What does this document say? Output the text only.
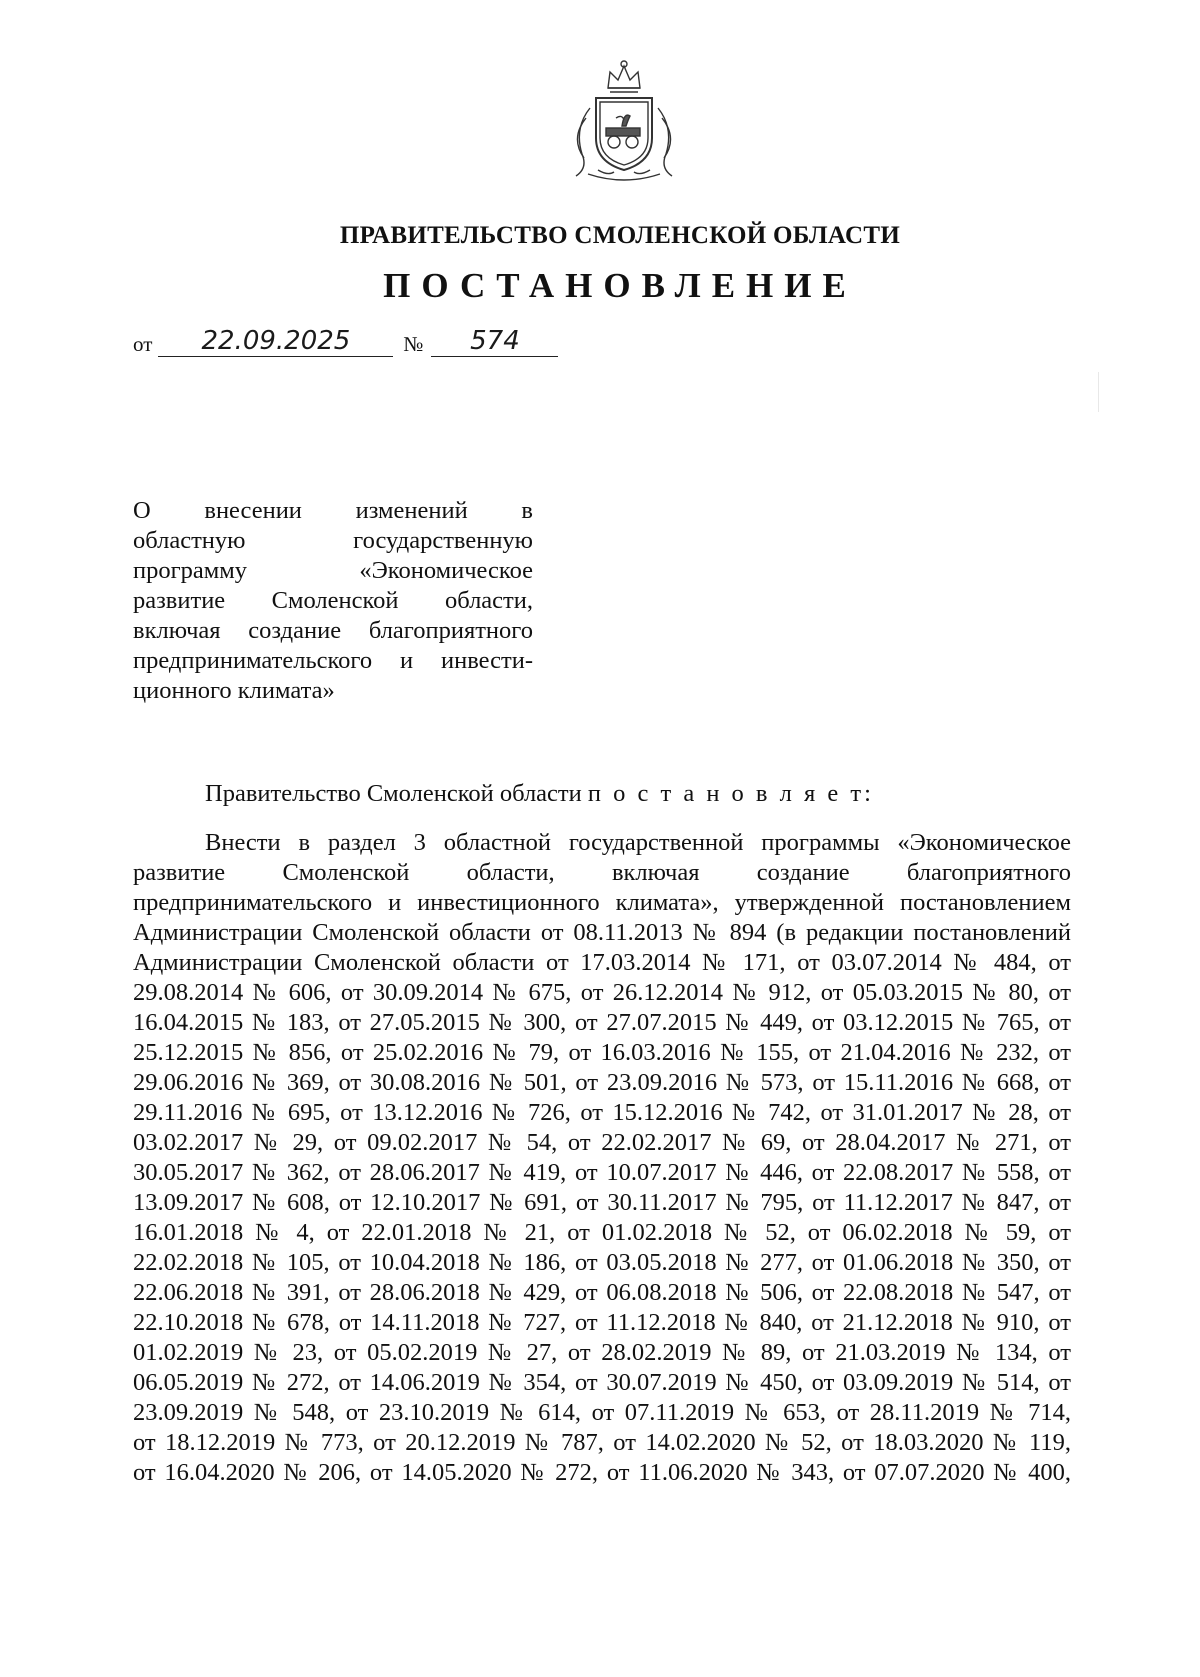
ПРАВИТЕЛЬСТВО СМОЛЕНСКОЙ ОБЛАСТИ
ПОСТАНОВЛЕНИЕ
от	22.09.2025	№	574
О внесении изменений в
областную государственную
программу «Экономическое
развитие Смоленской области,
включая создание благоприятного
предпринимательского и инвести-
ционного климата»
Правительство Смоленской области п о с т а н о в л я е т:
Внести в раздел 3 областной государственной программы «Экономическое
развитие Смоленской области, включая создание благоприятного
предпринимательского и инвестиционного климата», утвержденной постановлением
Администрации Смоленской области от 08.11.2013 № 894 (в редакции постановлений
Администрации Смоленской области от 17.03.2014 № 171, от 03.07.2014 № 484, от
29.08.2014 № 606, от 30.09.2014 № 675, от 26.12.2014 № 912, от 05.03.2015 № 80, от
16.04.2015 № 183, от 27.05.2015 № 300, от 27.07.2015 № 449, от 03.12.2015 № 765, от
25.12.2015 № 856, от 25.02.2016 № 79, от 16.03.2016 № 155, от 21.04.2016 № 232, от
29.06.2016 № 369, от 30.08.2016 № 501, от 23.09.2016 № 573, от 15.11.2016 № 668, от
29.11.2016 № 695, от 13.12.2016 № 726, от 15.12.2016 № 742, от 31.01.2017 № 28, от
03.02.2017 № 29, от 09.02.2017 № 54, от 22.02.2017 № 69, от 28.04.2017 № 271, от
30.05.2017 № 362, от 28.06.2017 № 419, от 10.07.2017 № 446, от 22.08.2017 № 558, от
13.09.2017 № 608, от 12.10.2017 № 691, от 30.11.2017 № 795, от 11.12.2017 № 847, от
16.01.2018 № 4, от 22.01.2018 № 21, от 01.02.2018 № 52, от 06.02.2018 № 59, от
22.02.2018 № 105, от 10.04.2018 № 186, от 03.05.2018 № 277, от 01.06.2018 № 350, от
22.06.2018 № 391, от 28.06.2018 № 429, от 06.08.2018 № 506, от 22.08.2018 № 547, от
22.10.2018 № 678, от 14.11.2018 № 727, от 11.12.2018 № 840, от 21.12.2018 № 910, от
01.02.2019 № 23, от 05.02.2019 № 27, от 28.02.2019 № 89, от 21.03.2019 № 134, от
06.05.2019 № 272, от 14.06.2019 № 354, от 30.07.2019 № 450, от 03.09.2019 № 514, от
23.09.2019 № 548, от 23.10.2019 № 614, от 07.11.2019 № 653, от 28.11.2019 № 714,
от 18.12.2019 № 773, от 20.12.2019 № 787, от 14.02.2020 № 52, от 18.03.2020 № 119,
от 16.04.2020 № 206, от 14.05.2020 № 272, от 11.06.2020 № 343, от 07.07.2020 № 400,
